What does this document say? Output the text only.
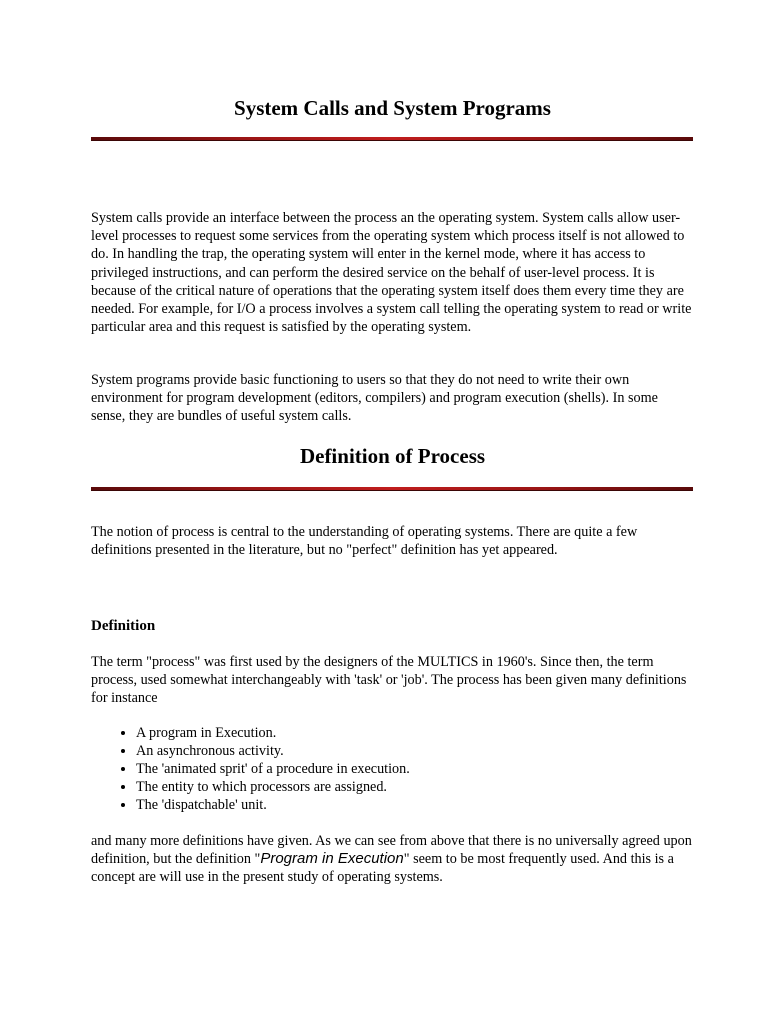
System Calls and System Programs

System calls provide an interface between the process an the operating system. System calls allow user-level processes to request some services from the operating system which process itself is not allowed to do. In handling the trap, the operating system will enter in the kernel mode, where it has access to privileged instructions, and can perform the desired service on the behalf of user-level process. It is because of the critical nature of operations that the operating system itself does them every time they are needed. For example, for I/O a process involves a system call telling the operating system to read or write particular area and this request is satisfied by the operating system.

System programs provide basic functioning to users so that they do not need to write their own environment for program development (editors, compilers) and program execution (shells). In some sense, they are bundles of useful system calls.

Definition of Process

The notion of process is central to the understanding of operating systems. There are quite a few definitions presented in the literature, but no "perfect" definition has yet appeared.

Definition

The term "process" was first used by the designers of the MULTICS in 1960's. Since then, the term process, used somewhat interchangeably with 'task' or 'job'. The process has been given many definitions for instance

• A program in Execution.
• An asynchronous activity.
• The 'animated sprit' of a procedure in execution.
• The entity to which processors are assigned.
• The 'dispatchable' unit.

and many more definitions have given. As we can see from above that there is no universally agreed upon definition, but the definition "Program in Execution" seem to be most frequently used. And this is a concept are will use in the present study of operating systems.
